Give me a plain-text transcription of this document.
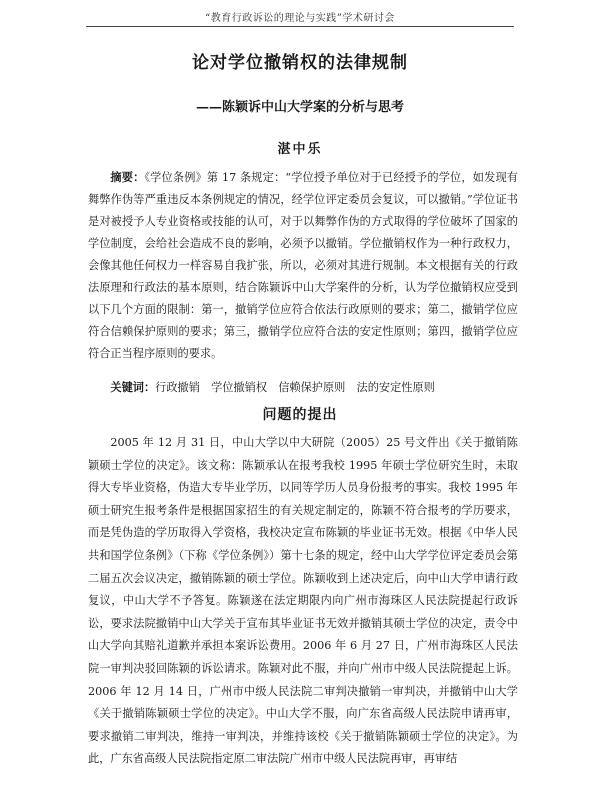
“教育行政诉讼的理论与实践”学术研讨会
论对学位撤销权的法律规制
——陈颖诉中山大学案的分析与思考
湛中乐

摘要：《学位条例》第 17 条规定：“学位授予单位对于已经授予的学位，如发现有舞弊作伪等严重违反本条例规定的情况，经学位评定委员会复议，可以撤销。”学位证书是对被授予人专业资格或技能的认可，对于以舞弊作伪的方式取得的学位破坏了国家的学位制度，会给社会造成不良的影响，必须予以撤销。学位撤销权作为一种行政权力，会像其他任何权力一样容易自我扩张，所以，必须对其进行规制。本文根据有关的行政法原理和行政法的基本原则，结合陈颖诉中山大学案件的分析，认为学位撤销权应受到以下几个方面的限制：第一，撤销学位应符合依法行政原则的要求；第二，撤销学位应符合信赖保护原则的要求；第三，撤销学位应符合法的安定性原则；第四，撤销学位应符合正当程序原则的要求。

关键词：行政撤销　学位撤销权　信赖保护原则　法的安定性原则

问题的提出

2005 年 12 月 31 日，中山大学以中大研院（2005）25 号文件出《关于撤销陈颖硕士学位的决定》。该文称：陈颖承认在报考我校 1995 年硕士学位研究生时，未取得大专毕业资格，伪造大专毕业学历，以同等学历人员身份报考的事实。我校 1995 年硕士研究生报考条件是根据国家招生的有关规定制定的，陈颖不符合报考的学历要求，而是凭伪造的学历取得入学资格，我校决定宣布陈颖的毕业证书无效。根据《中华人民共和国学位条例》（下称《学位条例》）第十七条的规定，经中山大学学位评定委员会第二届五次会议决定，撤销陈颖的硕士学位。陈颖收到上述决定后，向中山大学申请行政复议，中山大学不予答复。陈颖遂在法定期限内向广州市海珠区人民法院提起行政诉讼，要求法院撤销中山大学关于宣布其毕业证书无效并撤销其硕士学位的决定，责令中山大学向其赔礼道歉并承担本案诉讼费用。2006 年 6 月 27 日，广州市海珠区人民法院一审判决驳回陈颖的诉讼请求。陈颖对此不服，并向广州市中级人民法院提起上诉。2006 年 12 月 14 日，广州市中级人民法院二审判决撤销一审判决，并撤销中山大学《关于撤销陈颖硕士学位的决定》。中山大学不服，向广东省高级人民法院申请再审，要求撤销二审判决，维持一审判决，并维持该校《关于撤销陈颖硕士学位的决定》。为此，广东省高级人民法院指定原二审法院广州市中级人民法院再审，再审结
